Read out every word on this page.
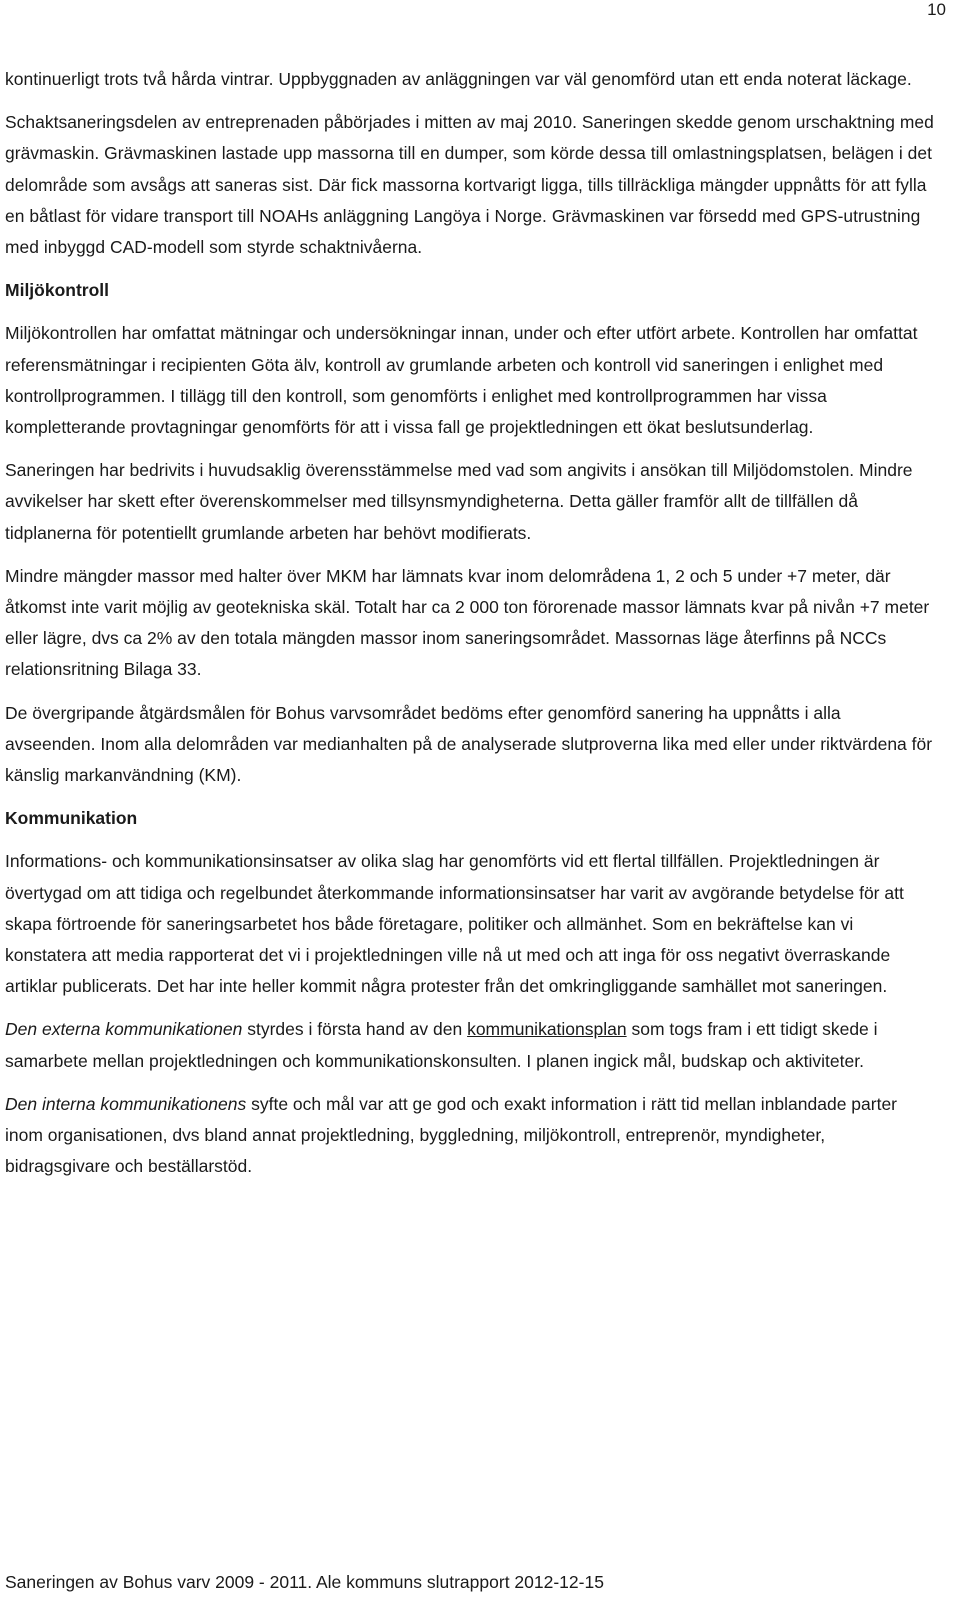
10

kontinuerligt trots två hårda vintrar. Uppbyggnaden av anläggningen var väl genomförd utan ett enda noterat läckage.

Schaktsaneringsdelen av entreprenaden påbörjades i mitten av maj 2010. Saneringen skedde genom urschaktning med grävmaskin. Grävmaskinen lastade upp massorna till en dumper, som körde dessa till omlastningsplatsen, belägen i det delområde som avsågs att saneras sist. Där fick massorna kortvarigt ligga, tills tillräckliga mängder uppnåtts för att fylla en båtlast för vidare transport till NOAHs anläggning Langöya i Norge. Grävmaskinen var försedd med GPS-utrustning med inbyggd CAD-modell som styrde schaktnivåerna.

Miljökontroll

Miljökontrollen har omfattat mätningar och undersökningar innan, under och efter utfört arbete. Kontrollen har omfattat referensmätningar i recipienten Göta älv, kontroll av grumlande arbeten och kontroll vid saneringen i enlighet med kontrollprogrammen. I tillägg till den kontroll, som genomförts i enlighet med kontrollprogrammen har vissa kompletterande provtagningar genomförts för att i vissa fall ge projektledningen ett ökat beslutsunderlag.

Saneringen har bedrivits i huvudsaklig överensstämmelse med vad som angivits i ansökan till Miljödomstolen. Mindre avvikelser har skett efter överenskommelser med tillsynsmyndigheterna. Detta gäller framför allt de tillfällen då tidplanerna för potentiellt grumlande arbeten har behövt modifierats.

Mindre mängder massor med halter över MKM har lämnats kvar inom delområdena 1, 2 och 5 under +7 meter, där åtkomst inte varit möjlig av geotekniska skäl. Totalt har ca 2 000 ton förorenade massor lämnats kvar på nivån +7 meter eller lägre, dvs ca 2% av den totala mängden massor inom saneringsområdet. Massornas läge återfinns på NCCs relationsritning Bilaga 33.

De övergripande åtgärdsmålen för Bohus varvsområdet bedöms efter genomförd sanering ha uppnåtts i alla avseenden. Inom alla delområden var medianhalten på de analyserade slutproverna lika med eller under riktvärdena för känslig markanvändning (KM).

Kommunikation

Informations- och kommunikationsinsatser av olika slag har genomförts vid ett flertal tillfällen. Projektledningen är övertygad om att tidiga och regelbundet återkommande informationsinsatser har varit av avgörande betydelse för att skapa förtroende för saneringsarbetet hos både företagare, politiker och allmänhet. Som en bekräftelse kan vi konstatera att media rapporterat det vi i projektledningen ville nå ut med och att inga för oss negativt överraskande artiklar publicerats. Det har inte heller kommit några protester från det omkringliggande samhället mot saneringen.

Den externa kommunikationen styrdes i första hand av den kommunikationsplan som togs fram i ett tidigt skede i samarbete mellan projektledningen och kommunikationskonsulten. I planen ingick mål, budskap och aktiviteter.

Den interna kommunikationens syfte och mål var att ge god och exakt information i rätt tid mellan inblandade parter inom organisationen, dvs bland annat projektledning, byggledning, miljökontroll, entreprenör, myndigheter, bidragsgivare och beställarstöd.

Saneringen av Bohus varv 2009 - 2011. Ale kommuns slutrapport 2012-12-15
